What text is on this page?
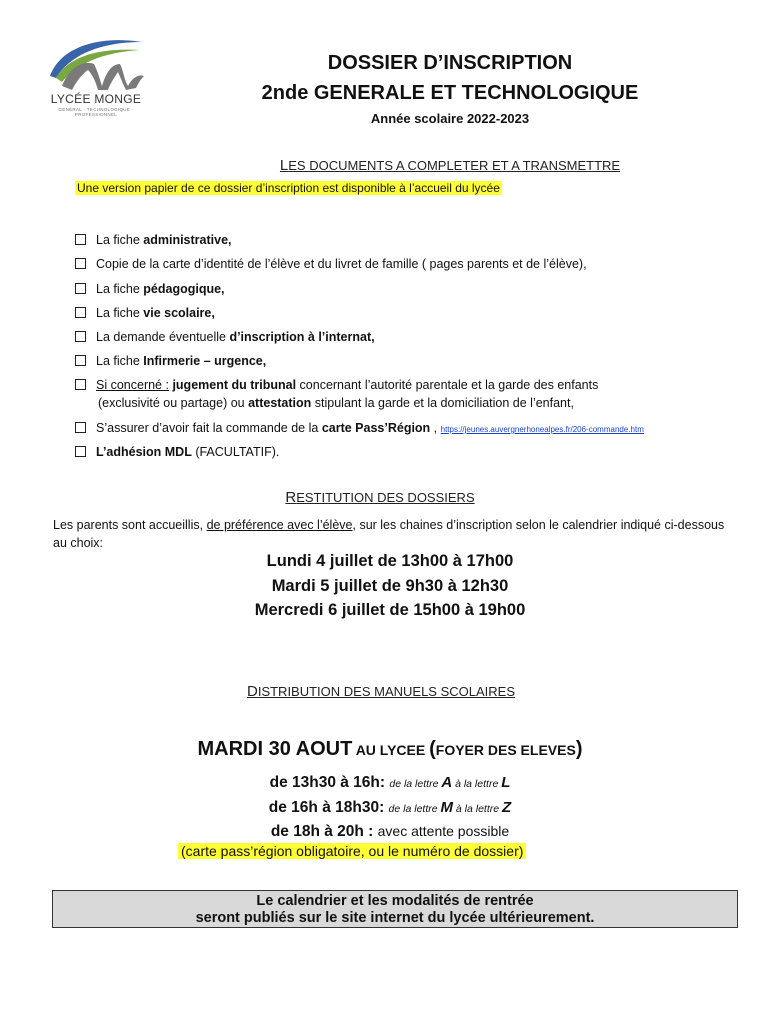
LYCÉE MONGE
GÉNÉRAL · TECHNOLOGIQUE · PROFESSIONNEL
DOSSIER D’INSCRIPTION
2nde GENERALE ET TECHNOLOGIQUE
Année scolaire 2022-2023
LES DOCUMENTS A COMPLETER ET A TRANSMETTRE
Une version papier de ce dossier d’inscription est disponible à l’accueil du lycée
La fiche administrative,
Copie de la carte d’identité de l’élève et du livret de famille ( pages parents et de l’élève),
La fiche pédagogique,
La fiche vie scolaire,
La demande éventuelle d’inscription à l’internat,
La fiche Infirmerie – urgence,
Si concerné : jugement du tribunal concernant l’autorité parentale et la garde des enfants
(exclusivité ou partage) ou attestation stipulant la garde et la domiciliation de l’enfant,
S’assurer d’avoir fait la commande de la carte Pass’Région , https://jeunes.auvergnerhonealpes.fr/206-commande.htm
L’adhésion MDL (FACULTATIF).
RESTITUTION DES DOSSIERS
Les parents sont accueillis, de préférence avec l’élève, sur les chaines d’inscription selon le calendrier indiqué ci-dessous au choix:
Lundi 4 juillet de 13h00 à 17h00
Mardi 5 juillet de 9h30 à 12h30
Mercredi 6 juillet de 15h00 à 19h00
DISTRIBUTION DES MANUELS SCOLAIRES
MARDI 30 AOUT AU LYCEE (FOYER DES ELEVES)
de 13h30 à 16h: de la lettre A à la lettre L
de 16h à 18h30: de la lettre M à la lettre Z
de 18h à 20h : avec attente possible
(carte pass’région obligatoire, ou le numéro de dossier)
Le calendrier et les modalités de rentrée
seront publiés sur le site internet du lycée ultérieurement.
